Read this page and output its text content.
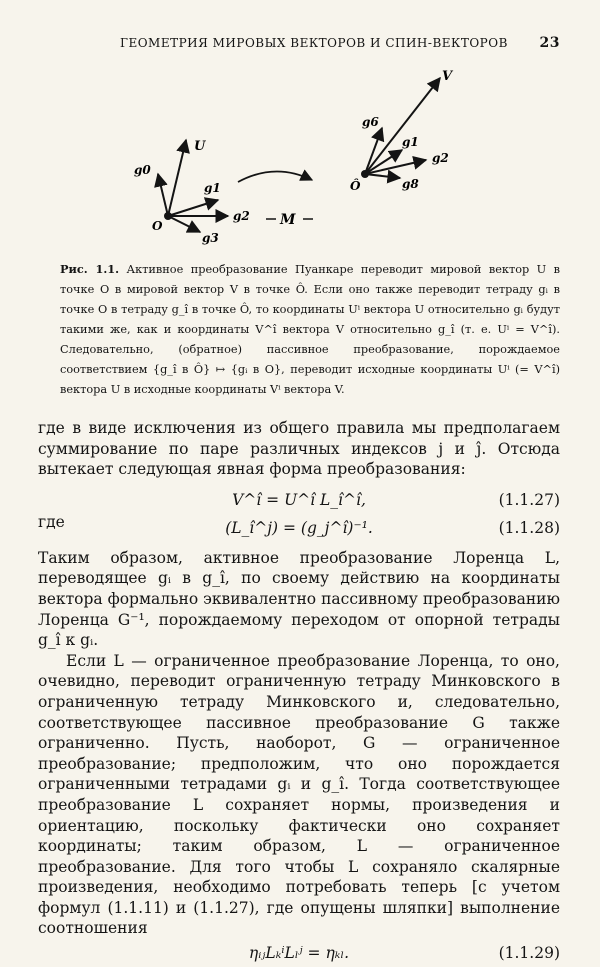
ГЕОМЕТРИЯ МИРОВЫХ ВЕКТОРОВ И СПИН-ВЕКТОРОВ 23
O
U
g0
g1
g2
g3
M
Ô
V
g6
g1
g2
g8
Рис. 1.1. Активное преобразование Пуанкаре переводит мировой вектор U в точке O в мировой вектор V в точке Ô. Если оно также переводит тетраду gᵢ в точке O в тетраду g_î в точке Ô, то координаты Uⁱ вектора U относительно gᵢ будут такими же, как и координаты V^î вектора V относительно g_î (т. е. Uⁱ = V^î). Следовательно, (обратное) пассивное преобразование, порождаемое соответствием {g_î в Ô} ↦ {gᵢ в O}, переводит исходные координаты Uⁱ (= V^î) вектора U в исходные координаты Vⁱ вектора V.

где в виде исключения из общего правила мы предполагаем суммирование по паре различных индексов j и ĵ. Отсюда вытекает следующая явная форма преобразования:

V^î = U^î L_î^î,	(1.1.27)
где	(L_î^j) = (g_j^î)⁻¹.	(1.1.28)

Таким образом, активное преобразование Лоренца L, переводящее gᵢ в g_î, по своему действию на координаты вектора формально эквивалентно пассивному преобразованию Лоренца G⁻¹, порождаемому переходом от опорной тетрады g_î к gᵢ.

Если L — ограниченное преобразование Лоренца, то оно, очевидно, переводит ограниченную тетраду Минковского в ограниченную тетраду Минковского и, следовательно, соответствующее пассивное преобразование G также ограниченно. Пусть, наоборот, G — ограниченное преобразование; предположим, что оно порождается ограниченными тетрадами gᵢ и g_î. Тогда соответствующее преобразование L сохраняет нормы, произведения и ориентацию, поскольку фактически оно сохраняет координаты; таким образом, L — ограниченное преобразование. Для того чтобы L сохраняло скалярные произведения, необходимо потребовать теперь [с учетом формул (1.1.11) и (1.1.27), где опущены шляпки] выполнение соотношения

ηᵢⱼLₖⁱLₗʲ = ηₖₗ.	(1.1.29)
